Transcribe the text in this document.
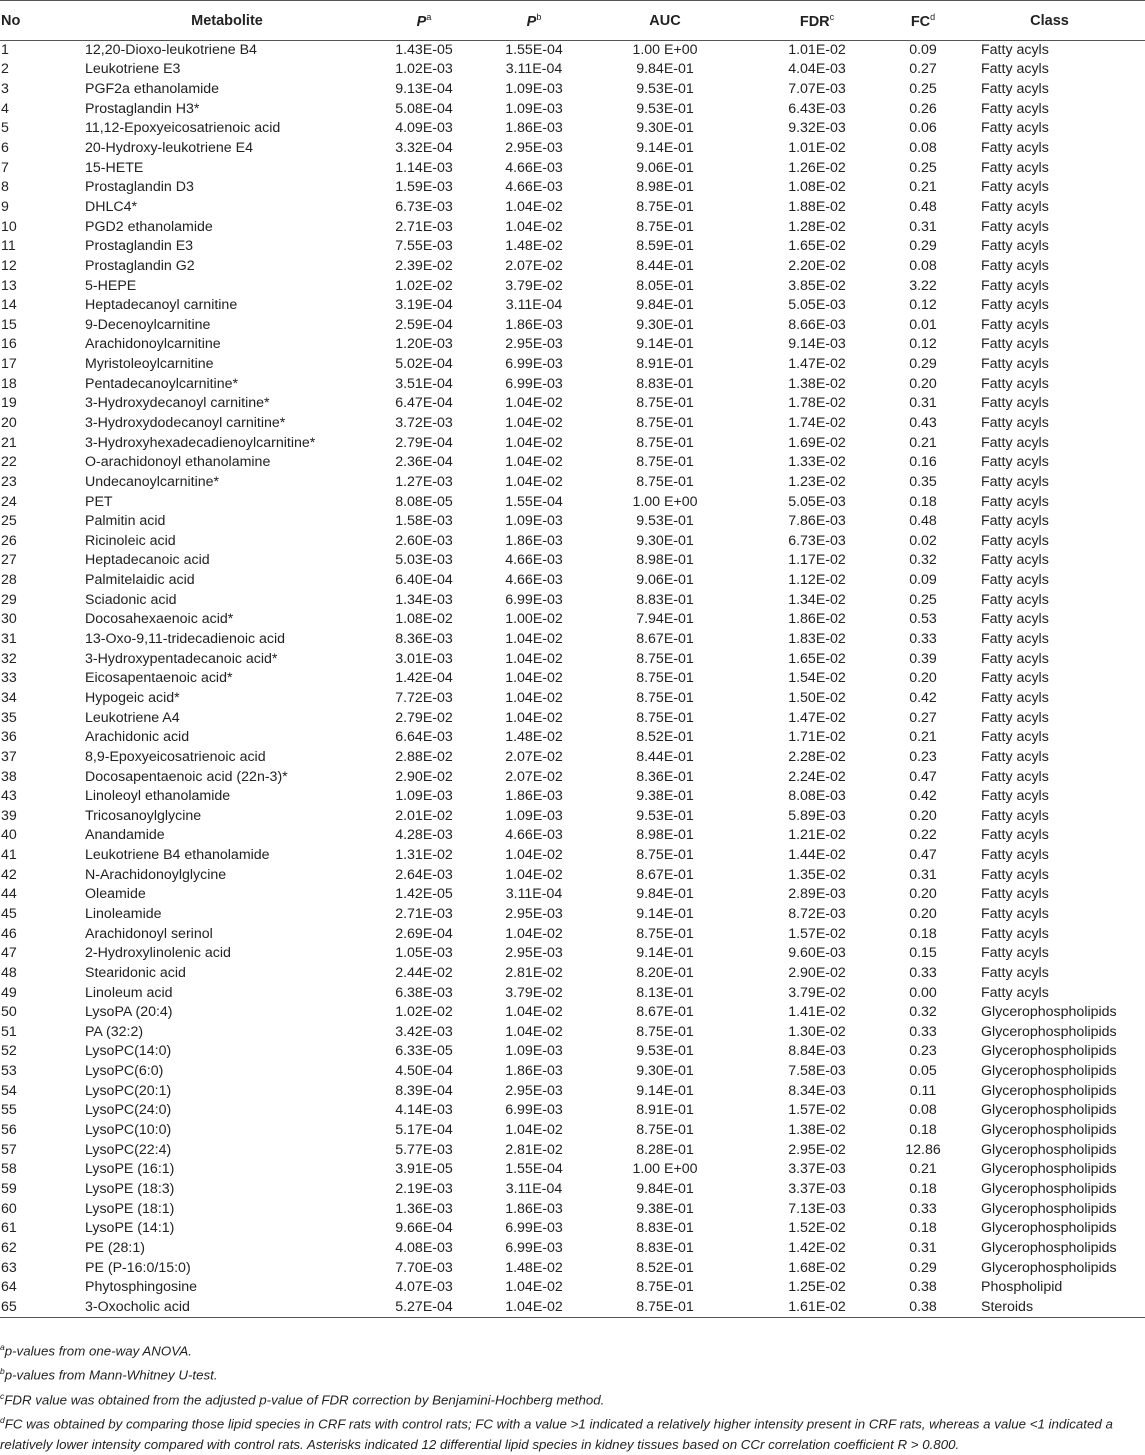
No	Metabolite	$P^a$	$P^b$	AUC	FDR$^c$	$FC^d$	Class
1	12,20-Dioxo-leukotriene B4	1.43E-05	1.55E-04	1.00 E+00	1.01E-02	0.09	Fatty acyls
2	Leukotriene E3	1.02E-03	3.11E-04	9.84E-01	4.04E-03	0.27	Fatty acyls
3	PGF2a ethanolamide	9.13E-04	1.09E-03	9.53E-01	7.07E-03	0.25	Fatty acyls
4	Prostaglandin H3*	5.08E-04	1.09E-03	9.53E-01	6.43E-03	0.26	Fatty acyls
5	11,12-Epoxyeicosatrienoic acid	4.09E-03	1.86E-03	9.30E-01	9.32E-03	0.06	Fatty acyls
6	20-Hydroxy-leukotriene E4	3.32E-04	2.95E-03	9.14E-01	1.01E-02	0.08	Fatty acyls
7	15-HETE	1.14E-03	4.66E-03	9.06E-01	1.26E-02	0.25	Fatty acyls
8	Prostaglandin D3	1.59E-03	4.66E-03	8.98E-01	1.08E-02	0.21	Fatty acyls
9	DHLC4*	6.73E-03	1.04E-02	8.75E-01	1.88E-02	0.48	Fatty acyls
10	PGD2 ethanolamide	2.71E-03	1.04E-02	8.75E-01	1.28E-02	0.31	Fatty acyls
11	Prostaglandin E3	7.55E-03	1.48E-02	8.59E-01	1.65E-02	0.29	Fatty acyls
12	Prostaglandin G2	2.39E-02	2.07E-02	8.44E-01	2.20E-02	0.08	Fatty acyls
13	5-HEPE	1.02E-02	3.79E-02	8.05E-01	3.85E-02	3.22	Fatty acyls
14	Heptadecanoyl carnitine	3.19E-04	3.11E-04	9.84E-01	5.05E-03	0.12	Fatty acyls
15	9-Decenoylcarnitine	2.59E-04	1.86E-03	9.30E-01	8.66E-03	0.01	Fatty acyls
16	Arachidonoylcarnitine	1.20E-03	2.95E-03	9.14E-01	9.14E-03	0.12	Fatty acyls
17	Myristoleoylcarnitine	5.02E-04	6.99E-03	8.91E-01	1.47E-02	0.29	Fatty acyls
18	Pentadecanoylcarnitine*	3.51E-04	6.99E-03	8.83E-01	1.38E-02	0.20	Fatty acyls
19	3-Hydroxydecanoyl carnitine*	6.47E-04	1.04E-02	8.75E-01	1.78E-02	0.31	Fatty acyls
20	3-Hydroxydodecanoyl carnitine*	3.72E-03	1.04E-02	8.75E-01	1.74E-02	0.43	Fatty acyls
21	3-Hydroxyhexadecadienoylcarnitine*	2.79E-04	1.04E-02	8.75E-01	1.69E-02	0.21	Fatty acyls
22	O-arachidonoyl ethanolamine	2.36E-04	1.04E-02	8.75E-01	1.33E-02	0.16	Fatty acyls
23	Undecanoylcarnitine*	1.27E-03	1.04E-02	8.75E-01	1.23E-02	0.35	Fatty acyls
24	PET	8.08E-05	1.55E-04	1.00 E+00	5.05E-03	0.18	Fatty acyls
25	Palmitin acid	1.58E-03	1.09E-03	9.53E-01	7.86E-03	0.48	Fatty acyls
26	Ricinoleic acid	2.60E-03	1.86E-03	9.30E-01	6.73E-03	0.02	Fatty acyls
27	Heptadecanoic acid	5.03E-03	4.66E-03	8.98E-01	1.17E-02	0.32	Fatty acyls
28	Palmitelaidic acid	6.40E-04	4.66E-03	9.06E-01	1.12E-02	0.09	Fatty acyls
29	Sciadonic acid	1.34E-03	6.99E-03	8.83E-01	1.34E-02	0.25	Fatty acyls
30	Docosahexaenoic acid*	1.08E-02	1.00E-02	7.94E-01	1.86E-02	0.53	Fatty acyls
31	13-Oxo-9,11-tridecadienoic acid	8.36E-03	1.04E-02	8.67E-01	1.83E-02	0.33	Fatty acyls
32	3-Hydroxypentadecanoic acid*	3.01E-03	1.04E-02	8.75E-01	1.65E-02	0.39	Fatty acyls
33	Eicosapentaenoic acid*	1.42E-04	1.04E-02	8.75E-01	1.54E-02	0.20	Fatty acyls
34	Hypogeic acid*	7.72E-03	1.04E-02	8.75E-01	1.50E-02	0.42	Fatty acyls
35	Leukotriene A4	2.79E-02	1.04E-02	8.75E-01	1.47E-02	0.27	Fatty acyls
36	Arachidonic acid	6.64E-03	1.48E-02	8.52E-01	1.71E-02	0.21	Fatty acyls
37	8,9-Epoxyeicosatrienoic acid	2.88E-02	2.07E-02	8.44E-01	2.28E-02	0.23	Fatty acyls
38	Docosapentaenoic acid (22n-3)*	2.90E-02	2.07E-02	8.36E-01	2.24E-02	0.47	Fatty acyls
43	Linoleoyl ethanolamide	1.09E-03	1.86E-03	9.38E-01	8.08E-03	0.42	Fatty acyls
39	Tricosanoylglycine	2.01E-02	1.09E-03	9.53E-01	5.89E-03	0.20	Fatty acyls
40	Anandamide	4.28E-03	4.66E-03	8.98E-01	1.21E-02	0.22	Fatty acyls
41	Leukotriene B4 ethanolamide	1.31E-02	1.04E-02	8.75E-01	1.44E-02	0.47	Fatty acyls
42	N-Arachidonoylglycine	2.64E-03	1.04E-02	8.67E-01	1.35E-02	0.31	Fatty acyls
44	Oleamide	1.42E-05	3.11E-04	9.84E-01	2.89E-03	0.20	Fatty acyls
45	Linoleamide	2.71E-03	2.95E-03	9.14E-01	8.72E-03	0.20	Fatty acyls
46	Arachidonoyl serinol	2.69E-04	1.04E-02	8.75E-01	1.57E-02	0.18	Fatty acyls
47	2-Hydroxylinolenic acid	1.05E-03	2.95E-03	9.14E-01	9.60E-03	0.15	Fatty acyls
48	Stearidonic acid	2.44E-02	2.81E-02	8.20E-01	2.90E-02	0.33	Fatty acyls
49	Linoleum acid	6.38E-03	3.79E-02	8.13E-01	3.79E-02	0.00	Fatty acyls
50	LysoPA (20:4)	1.02E-02	1.04E-02	8.67E-01	1.41E-02	0.32	Glycerophospholipids
51	PA (32:2)	3.42E-03	1.04E-02	8.75E-01	1.30E-02	0.33	Glycerophospholipids
52	LysoPC(14:0)	6.33E-05	1.09E-03	9.53E-01	8.84E-03	0.23	Glycerophospholipids
53	LysoPC(6:0)	4.50E-04	1.86E-03	9.30E-01	7.58E-03	0.05	Glycerophospholipids
54	LysoPC(20:1)	8.39E-04	2.95E-03	9.14E-01	8.34E-03	0.11	Glycerophospholipids
55	LysoPC(24:0)	4.14E-03	6.99E-03	8.91E-01	1.57E-02	0.08	Glycerophospholipids
56	LysoPC(10:0)	5.17E-04	1.04E-02	8.75E-01	1.38E-02	0.18	Glycerophospholipids
57	LysoPC(22:4)	5.77E-03	2.81E-02	8.28E-01	2.95E-02	12.86	Glycerophospholipids
58	LysoPE (16:1)	3.91E-05	1.55E-04	1.00 E+00	3.37E-03	0.21	Glycerophospholipids
59	LysoPE (18:3)	2.19E-03	3.11E-04	9.84E-01	3.37E-03	0.18	Glycerophospholipids
60	LysoPE (18:1)	1.36E-03	1.86E-03	9.38E-01	7.13E-03	0.33	Glycerophospholipids
61	LysoPE (14:1)	9.66E-04	6.99E-03	8.83E-01	1.52E-02	0.18	Glycerophospholipids
62	PE (28:1)	4.08E-03	6.99E-03	8.83E-01	1.42E-02	0.31	Glycerophospholipids
63	PE (P-16:0/15:0)	7.70E-03	1.48E-02	8.52E-01	1.68E-02	0.29	Glycerophospholipids
64	Phytosphingosine	4.07E-03	1.04E-02	8.75E-01	1.25E-02	0.38	Phospholipid
65	3-Oxocholic acid	5.27E-04	1.04E-02	8.75E-01	1.61E-02	0.38	Steroids
$^a$p-values from one-way ANOVA.
$^b$p-values from Mann-Whitney U-test.
$^c$FDR value was obtained from the adjusted p-value of FDR correction by Benjamini-Hochberg method.
$^d$FC was obtained by comparing those lipid species in CRF rats with control rats; FC with a value >1 indicated a relatively higher intensity present in CRF rats, whereas a value <1 indicated a relatively lower intensity compared with control rats. Asterisks indicated 12 differential lipid species in kidney tissues based on CCr correlation coefficient R > 0.800.
